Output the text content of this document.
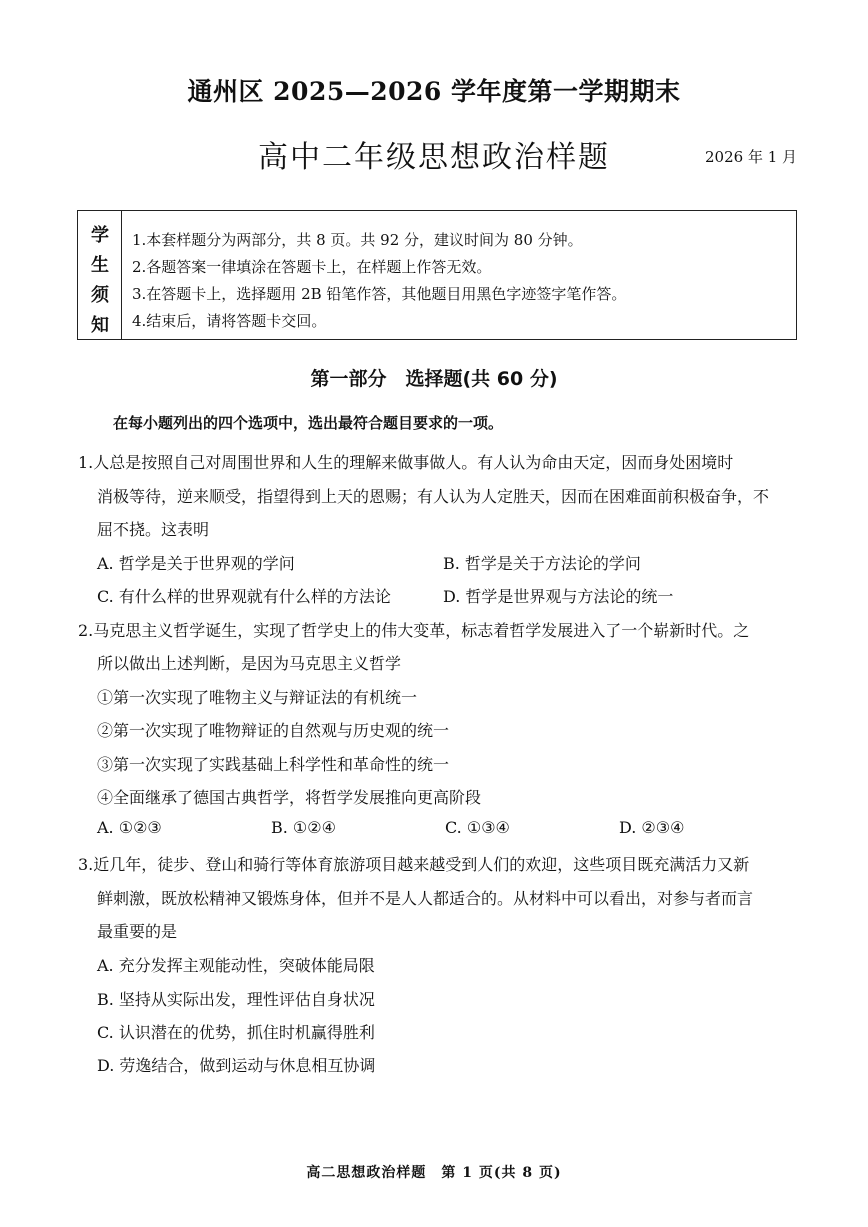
通州区 2025—2026 学年度第一学期期末
高中二年级思想政治样题	2026 年 1 月
学
生
须
知
1.本套样题分为两部分，共 8 页。共 92 分，建议时间为 80 分钟。
2.各题答案一律填涂在答题卡上，在样题上作答无效。
3.在答题卡上，选择题用 2B 铅笔作答，其他题目用黑色字迹签字笔作答。
4.结束后，请将答题卡交回。
第一部分　选择题(共 60 分)
在每小题列出的四个选项中，选出最符合题目要求的一项。
1.人总是按照自己对周围世界和人生的理解来做事做人。有人认为命由天定，因而身处困境时
消极等待，逆来顺受，指望得到上天的恩赐；有人认为人定胜天，因而在困难面前积极奋争，不
屈不挠。这表明
A. 哲学是关于世界观的学问	B. 哲学是关于方法论的学问
C. 有什么样的世界观就有什么样的方法论	D. 哲学是世界观与方法论的统一
2.马克思主义哲学诞生，实现了哲学史上的伟大变革，标志着哲学发展进入了一个崭新时代。之
所以做出上述判断，是因为马克思主义哲学
①第一次实现了唯物主义与辩证法的有机统一
②第一次实现了唯物辩证的自然观与历史观的统一
③第一次实现了实践基础上科学性和革命性的统一
④全面继承了德国古典哲学，将哲学发展推向更高阶段
A. ①②③	B. ①②④	C. ①③④	D. ②③④
3.近几年，徒步、登山和骑行等体育旅游项目越来越受到人们的欢迎，这些项目既充满活力又新
鲜刺激，既放松精神又锻炼身体，但并不是人人都适合的。从材料中可以看出，对参与者而言
最重要的是
A. 充分发挥主观能动性，突破体能局限
B. 坚持从实际出发，理性评估自身状况
C. 认识潜在的优势，抓住时机赢得胜利
D. 劳逸结合，做到运动与休息相互协调
高二思想政治样题　第 1 页(共 8 页)
